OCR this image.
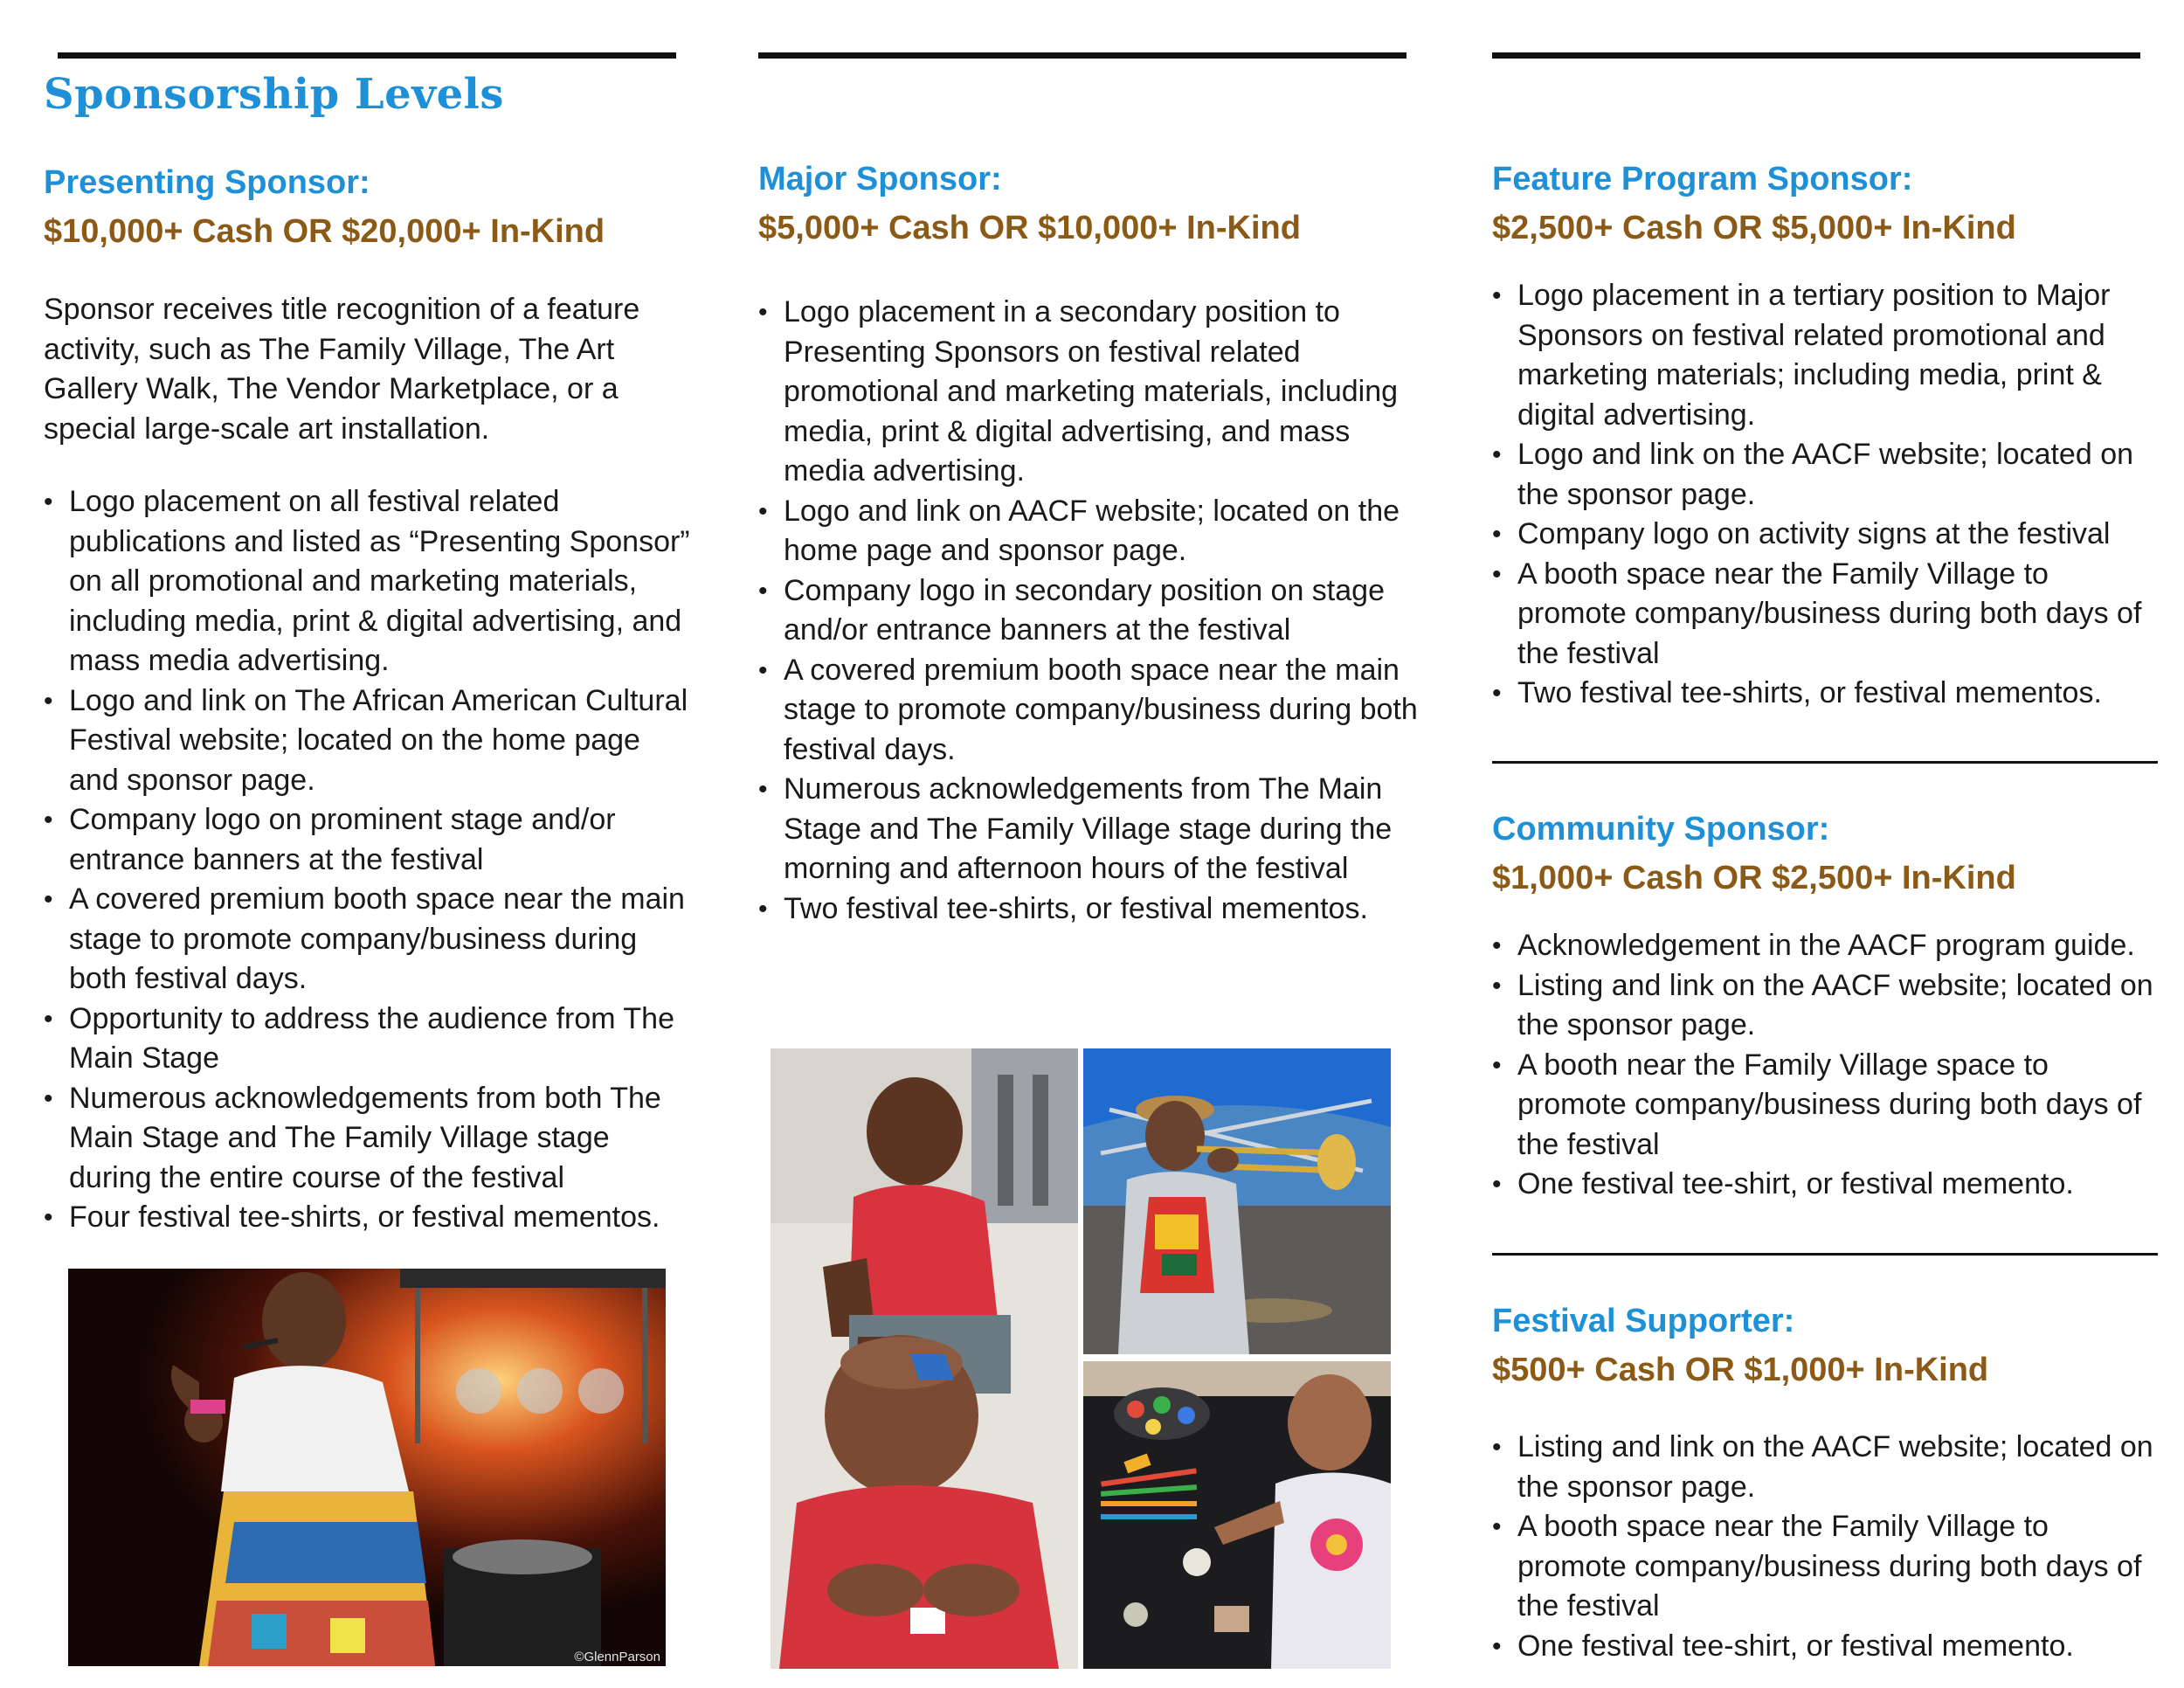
Sponsorship Levels
Presenting Sponsor:
$10,000+ Cash OR $20,000+ In-Kind

Sponsor receives title recognition of a feature activity, such as The Family Village, The Art Gallery Walk, The Vendor Marketplace, or a special large-scale art installation.

• Logo placement on all festival related publications and listed as “Presenting Sponsor” on all promotional and marketing materials, including media, print & digital advertising, and mass media advertising.
• Logo and link on The African American Cultural Festival website; located on the home page and sponsor page.
• Company logo on prominent stage and/or entrance banners at the festival
• A covered premium booth space near the main stage to promote company/business during both festival days.
• Opportunity to address the audience from The Main Stage
• Numerous acknowledgements from both The Main Stage and The Family Village stage during the entire course of the festival
• Four festival tee-shirts, or festival mementos.
©GlennParson
Major Sponsor:
$5,000+ Cash OR $10,000+ In-Kind
• Logo placement in a secondary position to Presenting Sponsors on festival related promotional and marketing materials, including media, print & digital advertising, and mass media advertising.
• Logo and link on AACF website; located on the home page and sponsor page.
• Company logo in secondary position on stage and/or entrance banners at the festival
• A covered premium booth space near the main stage to promote company/business during both festival days.
• Numerous acknowledgements from The Main Stage and The Family Village stage during the morning and afternoon hours of the festival
• Two festival tee-shirts, or festival mementos.
Feature Program Sponsor:
$2,500+ Cash OR $5,000+ In-Kind
• Logo placement in a tertiary position to Major Sponsors on festival related promotional and marketing materials; including media, print & digital advertising.
• Logo and link on the AACF website; located on the sponsor page.
• Company logo on activity signs at the festival
• A booth space near the Family Village to promote company/business during both days of the festival
• Two festival tee-shirts, or festival mementos.
Community Sponsor:
$1,000+ Cash OR $2,500+ In-Kind
• Acknowledgement in the AACF program guide.
• Listing and link on the AACF website; located on the sponsor page.
• A booth near the Family Village space to promote company/business during both days of the festival
• One festival tee-shirt, or festival memento.
Festival Supporter:
$500+ Cash OR $1,000+ In-Kind
• Listing and link on the AACF website; located on the sponsor page.
• A booth space near the Family Village to promote company/business during both days of the festival
• One festival tee-shirt, or festival memento.
